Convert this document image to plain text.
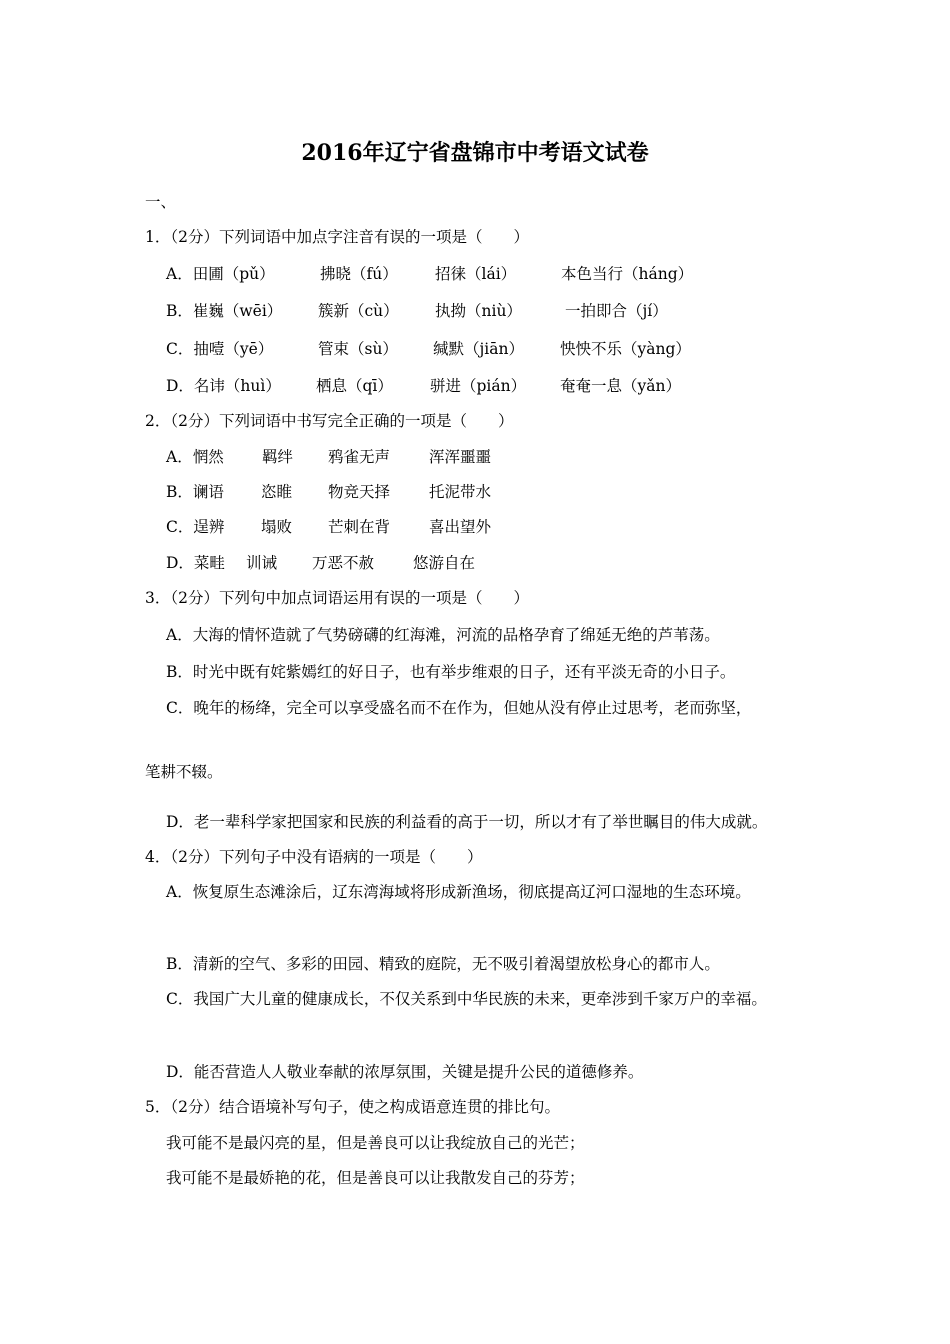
2016年辽宁省盘锦市中考语文试卷
一、
1．（2分）下列词语中加点字注音有误的一项是（　　）
A．田圃（pǔ）	拂晓（fú） 招徕（lái）	本色当行（háng）
B．崔巍（wēi） 簇新（cù） 执拗（niù）	一拍即合（jí）
C．抽噎（yē）	管束（sù） 缄默（jiān） 怏怏不乐（yàng）
D．名讳（huì） 栖息（qī） 骈进（pián） 奄奄一息（yǎn）
2．（2分）下列词语中书写完全正确的一项是（　　）
A．惘然 羁绊 鸦雀无声	浑浑噩噩
B．谰语 恣睢 物竞天择	托泥带水
C．逞辨 塌败 芒刺在背	喜出望外
D．菜畦 训诫 万恶不赦	悠游自在
3．（2分）下列句中加点词语运用有误的一项是（　　）
A．大海的情怀造就了气势磅礴的红海滩，河流的品格孕育了绵延无绝的芦苇荡。
B．时光中既有姹紫嫣红的好日子，也有举步维艰的日子，还有平淡无奇的小日子。
C．晚年的杨绛，完全可以享受盛名而不在作为，但她从没有停止过思考，老而弥坚，
笔耕不辍。
D．老一辈科学家把国家和民族的利益看的高于一切，所以才有了举世瞩目的伟大成就。
4．（2分）下列句子中没有语病的一项是（　　）
A．恢复原生态滩涂后，辽东湾海域将形成新渔场，彻底提高辽河口湿地的生态环境。
B．清新的空气、多彩的田园、精致的庭院，无不吸引着渴望放松身心的都市人。
C．我国广大儿童的健康成长，不仅关系到中华民族的未来，更牵涉到千家万户的幸福。
D．能否营造人人敬业奉献的浓厚氛围，关键是提升公民的道德修养。
5．（2分）结合语境补写句子，使之构成语意连贯的排比句。
我可能不是最闪亮的星，但是善良可以让我绽放自己的光芒；
我可能不是最娇艳的花，但是善良可以让我散发自己的芬芳；
